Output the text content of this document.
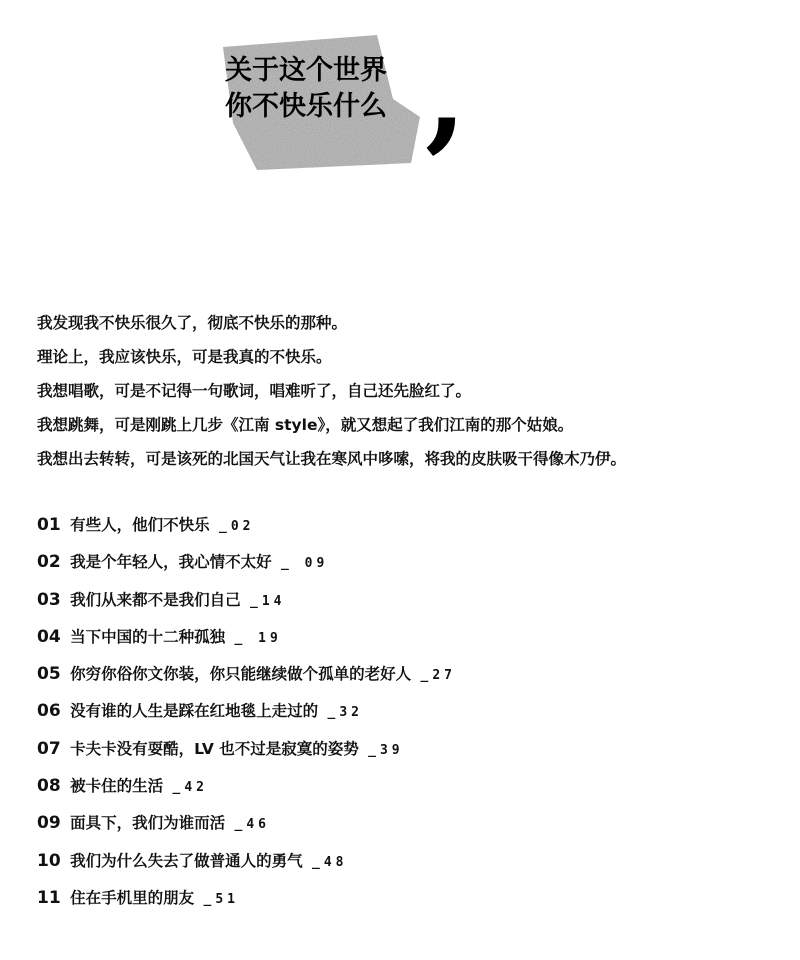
关于这个世界
你不快乐什么 ,
我发现我不快乐很久了，彻底不快乐的那种。
理论上，我应该快乐，可是我真的不快乐。
我想唱歌，可是不记得一句歌词，唱难听了，自己还先脸红了。
我想跳舞，可是刚跳上几步《江南 style》，就又想起了我们江南的那个姑娘。
我想出去转转，可是该死的北国天气让我在寒风中哆嗦，将我的皮肤吸干得像木乃伊。
01 有些人，他们不快乐 _02
02 我是个年轻人，我心情不太好 _ 09
03 我们从来都不是我们自己 _14
04 当下中国的十二种孤独 _ 19
05 你穷你俗你文你装，你只能继续做个孤单的老好人 _27
06 没有谁的人生是踩在红地毯上走过的 _32
07 卡夫卡没有耍酷，LV 也不过是寂寞的姿势 _39
08 被卡住的生活 _42
09 面具下，我们为谁而活 _46
10 我们为什么失去了做普通人的勇气 _48
11 住在手机里的朋友 _51
